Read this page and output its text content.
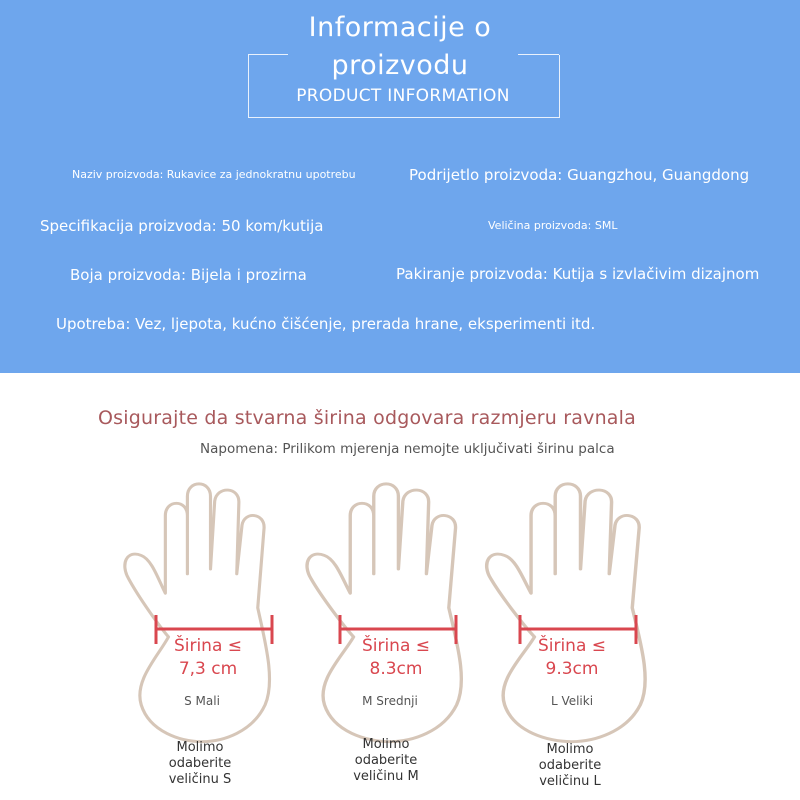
Informacije o
proizvodu
PRODUCT INFORMATION
Naziv proizvoda: Rukavice za jednokratnu upotrebu	Podrijetlo proizvoda: Guangzhou, Guangdong
Specifikacija proizvoda: 50 kom/kutija	Veličina proizvoda: SML
Boja proizvoda: Bijela i prozirna	Pakiranje proizvoda: Kutija s izvlačivim dizajnom
Upotreba: Vez, ljepota, kućno čišćenje, prerada hrane, eksperimenti itd.
Osigurajte da stvarna širina odgovara razmjeru ravnala
Napomena: Prilikom mjerenja nemojte uključivati širinu palca
Širina ≤
7,3 cm
S Mali
Molimo
odaberite
veličinu S
Širina ≤
8.3cm
M Srednji
Molimo
odaberite
veličinu M
Širina ≤
9.3cm
L Veliki
Molimo
odaberite
veličinu L
